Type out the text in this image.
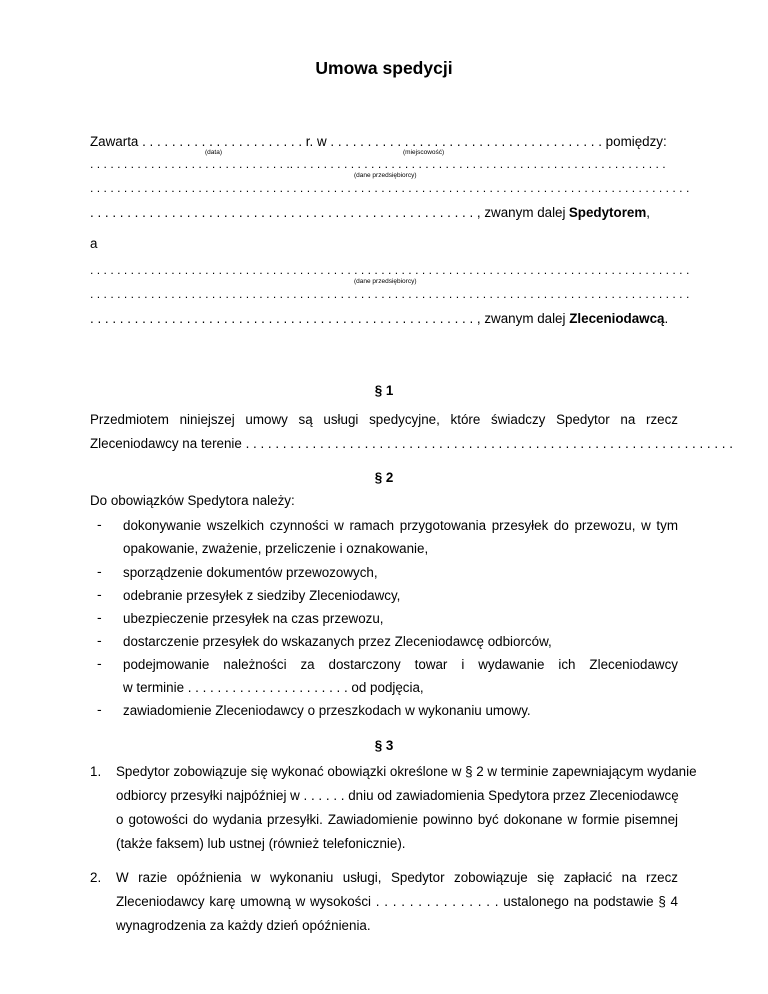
Umowa spedycji
Zawarta . . . . . . . . . . . . . . . . . . . . . . r. w . . . . . . . . . . . . . . . . . . . . . . . . . . . . . . . . . . . . . pomiędzy:
(data)	(miejscowość)
. . . . . . . . . . . . . . . . . . . . . . . . . . . . . .. . . . . . . . . . . . . . . . . . . . . . . . . . . . . . . . . . . . . . . . . . . . . . . . . . . . . . . .
(dane przedsiębiorcy)
. . . . . . . . . . . . . . . . . . . . . . . . . . . . . . . . . . . . . . . . . . . . . . . . . . . . . . . . . . . . . . . . . . . . . . . . . . . . . . . . . . . . . . . . .
. . . . . . . . . . . . . . . . . . . . . . . . . . . . . . . . . . . . . . . . . . . . . . . . . . . . , zwanym dalej Spedytorem,
a
. . . . . . . . . . . . . . . . . . . . . . . . . . . . . . . . . . . . . . . . . . . . . . . . . . . . . . . . . . . . . . . . . . . . . . . . . . . . . . . . . . . . . . . . .
(dane przedsiębiorcy)
. . . . . . . . . . . . . . . . . . . . . . . . . . . . . . . . . . . . . . . . . . . . . . . . . . . . . . . . . . . . . . . . . . . . . . . . . . . . . . . . . . . . . . . . .
. . . . . . . . . . . . . . . . . . . . . . . . . . . . . . . . . . . . . . . . . . . . . . . . . . . . , zwanym dalej Zleceniodawcą.
§ 1
Przedmiotem niniejszej umowy są usługi spedycyjne, które świadczy Spedytor na rzecz
Zleceniodawcy na terenie . . . . . . . . . . . . . . . . . . . . . . . . . . . . . . . . . . . . . . . . . . . . . . . . . . . . . . . . . . . . . . . . . .
§ 2
Do obowiązków Spedytora należy:
- dokonywanie wszelkich czynności w ramach przygotowania przesyłek do przewozu, w tym
opakowanie, zważenie, przeliczenie i oznakowanie,
- sporządzenie dokumentów przewozowych,
- odebranie przesyłek z siedziby Zleceniodawcy,
- ubezpieczenie przesyłek na czas przewozu,
- dostarczenie przesyłek do wskazanych przez Zleceniodawcę odbiorców,
- podejmowanie należności za dostarczony towar i wydawanie ich Zleceniodawcy
w terminie . . . . . . . . . . . . . . . . . . . . . . od podjęcia,
- zawiadomienie Zleceniodawcy o przeszkodach w wykonaniu umowy.
§ 3
1. Spedytor zobowiązuje się wykonać obowiązki określone w § 2 w terminie zapewniającym wydanie
odbiorcy przesyłki najpóźniej w . . . . . . dniu od zawiadomienia Spedytora przez Zleceniodawcę
o gotowości do wydania przesyłki. Zawiadomienie powinno być dokonane w formie pisemnej
(także faksem) lub ustnej (również telefonicznie).
2. W razie opóźnienia w wykonaniu usługi, Spedytor zobowiązuje się zapłacić na rzecz
Zleceniodawcy karę umowną w wysokości . . . . . . . . . . . . . . . ustalonego na podstawie § 4
wynagrodzenia za każdy dzień opóźnienia.
